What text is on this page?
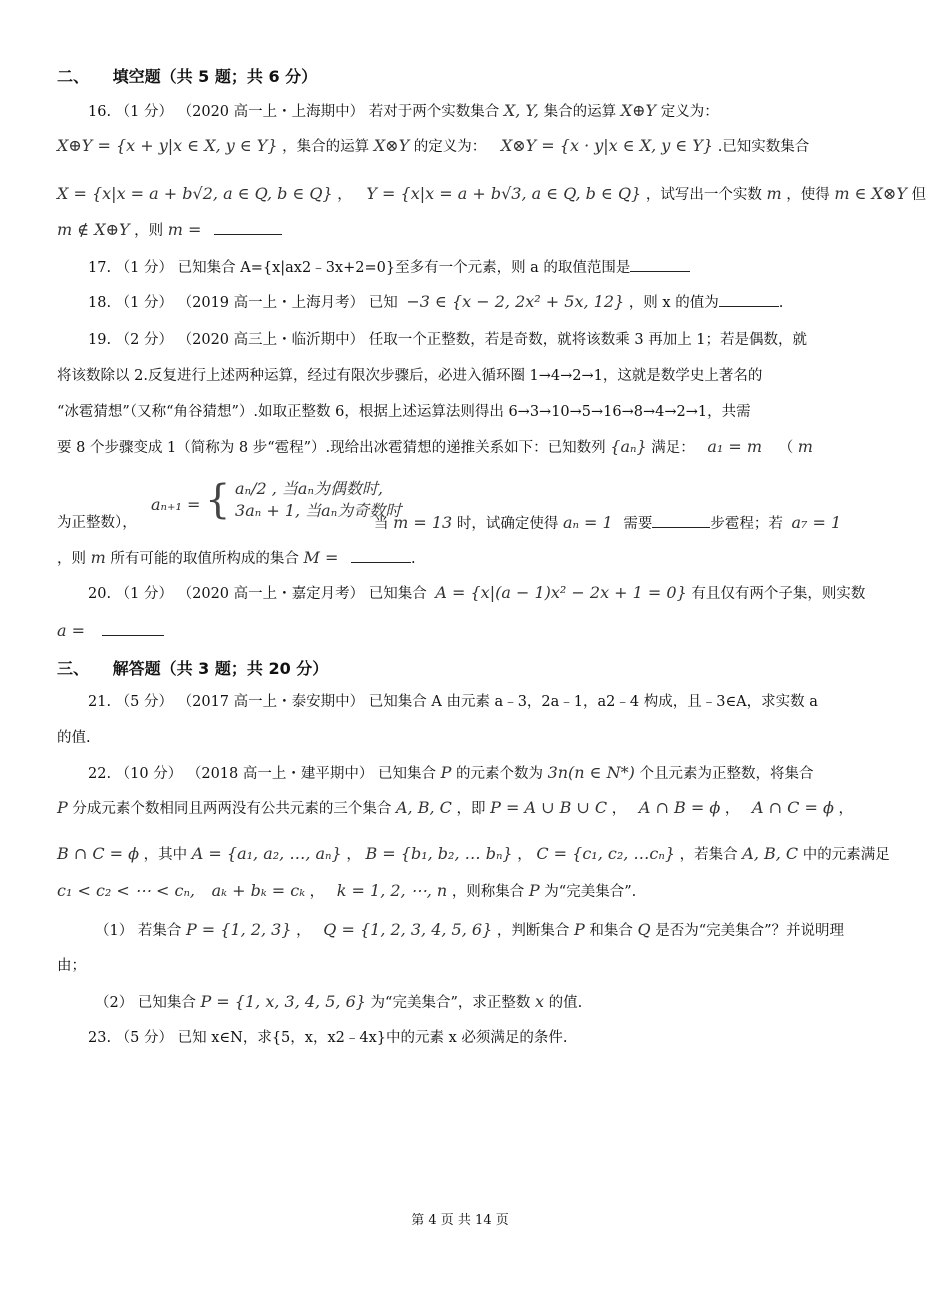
二、 填空题（共 5 题；共 6 分）
16. （1 分） （2020 高一上・上海期中） 若对于两个实数集合 X, Y, 集合的运算 X⊕Y 定义为：
X⊕Y = {x + y|x ∈ X, y ∈ Y} ，集合的运算 X⊗Y 的定义为： X⊗Y = {x · y|x ∈ X, y ∈ Y} .已知实数集合
X = {x|x = a + b√2, a ∈ Q, b ∈ Q} ， Y = {x|x = a + b√3, a ∈ Q, b ∈ Q} ，试写出一个实数 m ，使得 m ∈ X⊗Y 但
m ∉ X⊕Y ，则 m =
17. （1 分） 已知集合 A={x|ax2﹣3x+2=0}至多有一个元素，则 a 的取值范围是
18. （1 分） （2019 高一上・上海月考） 已知 −3 ∈ {x − 2, 2x² + 5x, 12} ，则 x 的值为	.
19. （2 分） （2020 高三上・临沂期中） 任取一个正整数，若是奇数，就将该数乘 3 再加上 1；若是偶数，就
将该数除以 2.反复进行上述两种运算，经过有限次步骤后，必进入循环圈 1→4→2→1，这就是数学史上著名的
“冰雹猜想”（又称“角谷猜想”）.如取正整数 6，根据上述运算法则得出 6→3→10→5→16→8→4→2→1，共需
要 8 个步骤变成 1（简称为 8 步“雹程”）.现给出冰雹猜想的递推关系如下：已知数列 {aₙ} 满足： a₁ = m （ m
aₙ₊₁ = { aₙ/2 , 当aₙ为偶数时,
3aₙ + 1, 当aₙ为奇数时
为正整数），	当 m = 13 时，试确定使得 aₙ = 1 需要	步雹程；若 a₇ = 1
，则 m 所有可能的取值所构成的集合 M =	.
20. （1 分） （2020 高一上・嘉定月考） 已知集合 A = {x|(a − 1)x² − 2x + 1 = 0} 有且仅有两个子集，则实数
a =
三、 解答题（共 3 题；共 20 分）
21. （5 分） （2017 高一上・泰安期中） 已知集合 A 由元素 a﹣3，2a﹣1，a2﹣4 构成，且﹣3∈A，求实数 a
的值.
22. （10 分） （2018 高一上・建平期中） 已知集合 P 的元素个数为 3n(n ∈ N*) 个且元素为正整数，将集合
P 分成元素个数相同且两两没有公共元素的三个集合 A, B, C ，即 P = A ∪ B ∪ C ， A ∩ B = ϕ ， A ∩ C = ϕ ，
B ∩ C = ϕ ，其中 A = {a₁, a₂, …, aₙ} ， B = {b₁, b₂, … bₙ} ， C = {c₁, c₂, …cₙ} ，若集合 A, B, C 中的元素满足
c₁ < c₂ < ⋯ < cₙ, aₖ + bₖ = cₖ ， k = 1, 2, ⋯, n ，则称集合 P 为“完美集合”.
（1） 若集合 P = {1, 2, 3} ， Q = {1, 2, 3, 4, 5, 6} ，判断集合 P 和集合 Q 是否为“完美集合”？并说明理
由；
（2） 已知集合 P = {1, x, 3, 4, 5, 6} 为“完美集合”，求正整数 x 的值.
23. （5 分） 已知 x∈N，求{5，x，x2﹣4x}中的元素 x 必须满足的条件.
第 4 页 共 14 页
